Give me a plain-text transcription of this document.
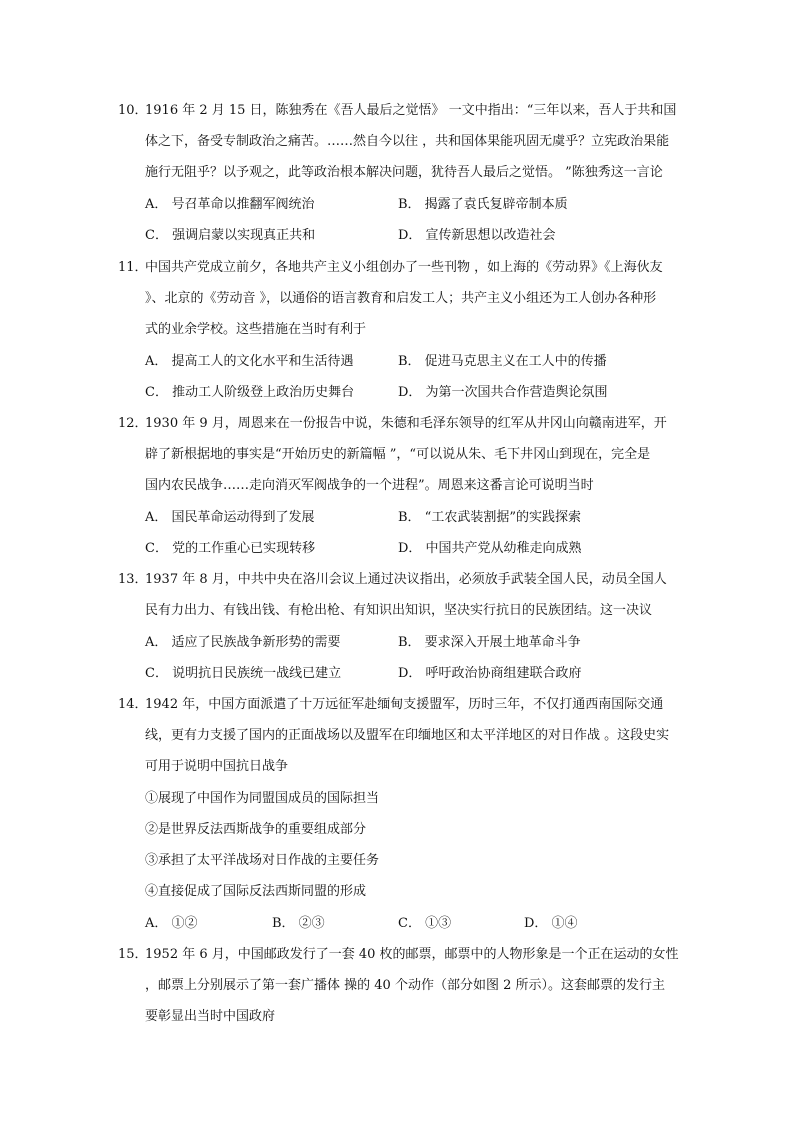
10．
1916 年 2 月 15 日，陈独秀在《吾人最后之觉悟》 一文中指出：“三年以来，吾人于共和国
体之下，备受专制政治之痛苦。……然自今以往 ，共和国体果能巩固无虞乎？立宪政治果能
施行无阻乎？以予观之，此等政治根本解决问题，犹待吾人最后之觉悟。 ”陈独秀这一言论
A． 号召革命以推翻军阀统治	B． 揭露了袁氏复辟帝制本质
C． 强调启蒙以实现真正共和	D． 宣传新思想以改造社会
11．
中国共产党成立前夕，各地共产主义小组创办了一些刊物 ，如上海的《劳动界》《上海伙友
》、北京的《劳动音 》，以通俗的语言教育和启发工人；共产主义小组还为工人创办各种形
式的业余学校。这些措施在当时有利于
A． 提高工人的文化水平和生活待遇	B． 促进马克思主义在工人中的传播
C． 推动工人阶级登上政治历史舞台	D． 为第一次国共合作营造舆论氛围
12．
1930 年 9 月，周恩来在一份报告中说，朱德和毛泽东领导的红军从井冈山向赣南进军，开
辟了新根据地的事实是“开始历史的新篇幅 ”，“可以说从朱、毛下井冈山到现在，完全是
国内农民战争……走向消灭军阀战争的一个进程”。周恩来这番言论可说明当时
A． 国民革命运动得到了发展	B． “工农武装割据”的实践探索
C． 党的工作重心已实现转移	D． 中国共产党从幼稚走向成熟
13．
1937 年 8 月，中共中央在洛川会议上通过决议指出，必须放手武装全国人民，动员全国人
民有力出力、有钱出钱、有枪出枪、有知识出知识，坚决实行抗日的民族团结。这一决议
A． 适应了民族战争新形势的需要	B． 要求深入开展土地革命斗争
C． 说明抗日民族统一战线已建立	D． 呼吁政治协商组建联合政府
14．
1942 年，中国方面派遣了十万远征军赴缅甸支援盟军，历时三年，不仅打通西南国际交通
线，更有力支援了国内的正面战场以及盟军在印缅地区和太平洋地区的对日作战 。这段史实
可用于说明中国抗日战争
①展现了中国作为同盟国成员的国际担当
②是世界反法西斯战争的重要组成部分
③承担了太平洋战场对日作战的主要任务
④直接促成了国际反法西斯同盟的形成
A． ①②	B． ②③	C． ①③	D． ①④
15．
1952 年 6 月，中国邮政发行了一套 40 枚的邮票，邮票中的人物形象是一个正在运动的女性
，邮票上分别展示了第一套广播体 操的 40 个动作（部分如图 2 所示）。这套邮票的发行主
要彰显出当时中国政府
